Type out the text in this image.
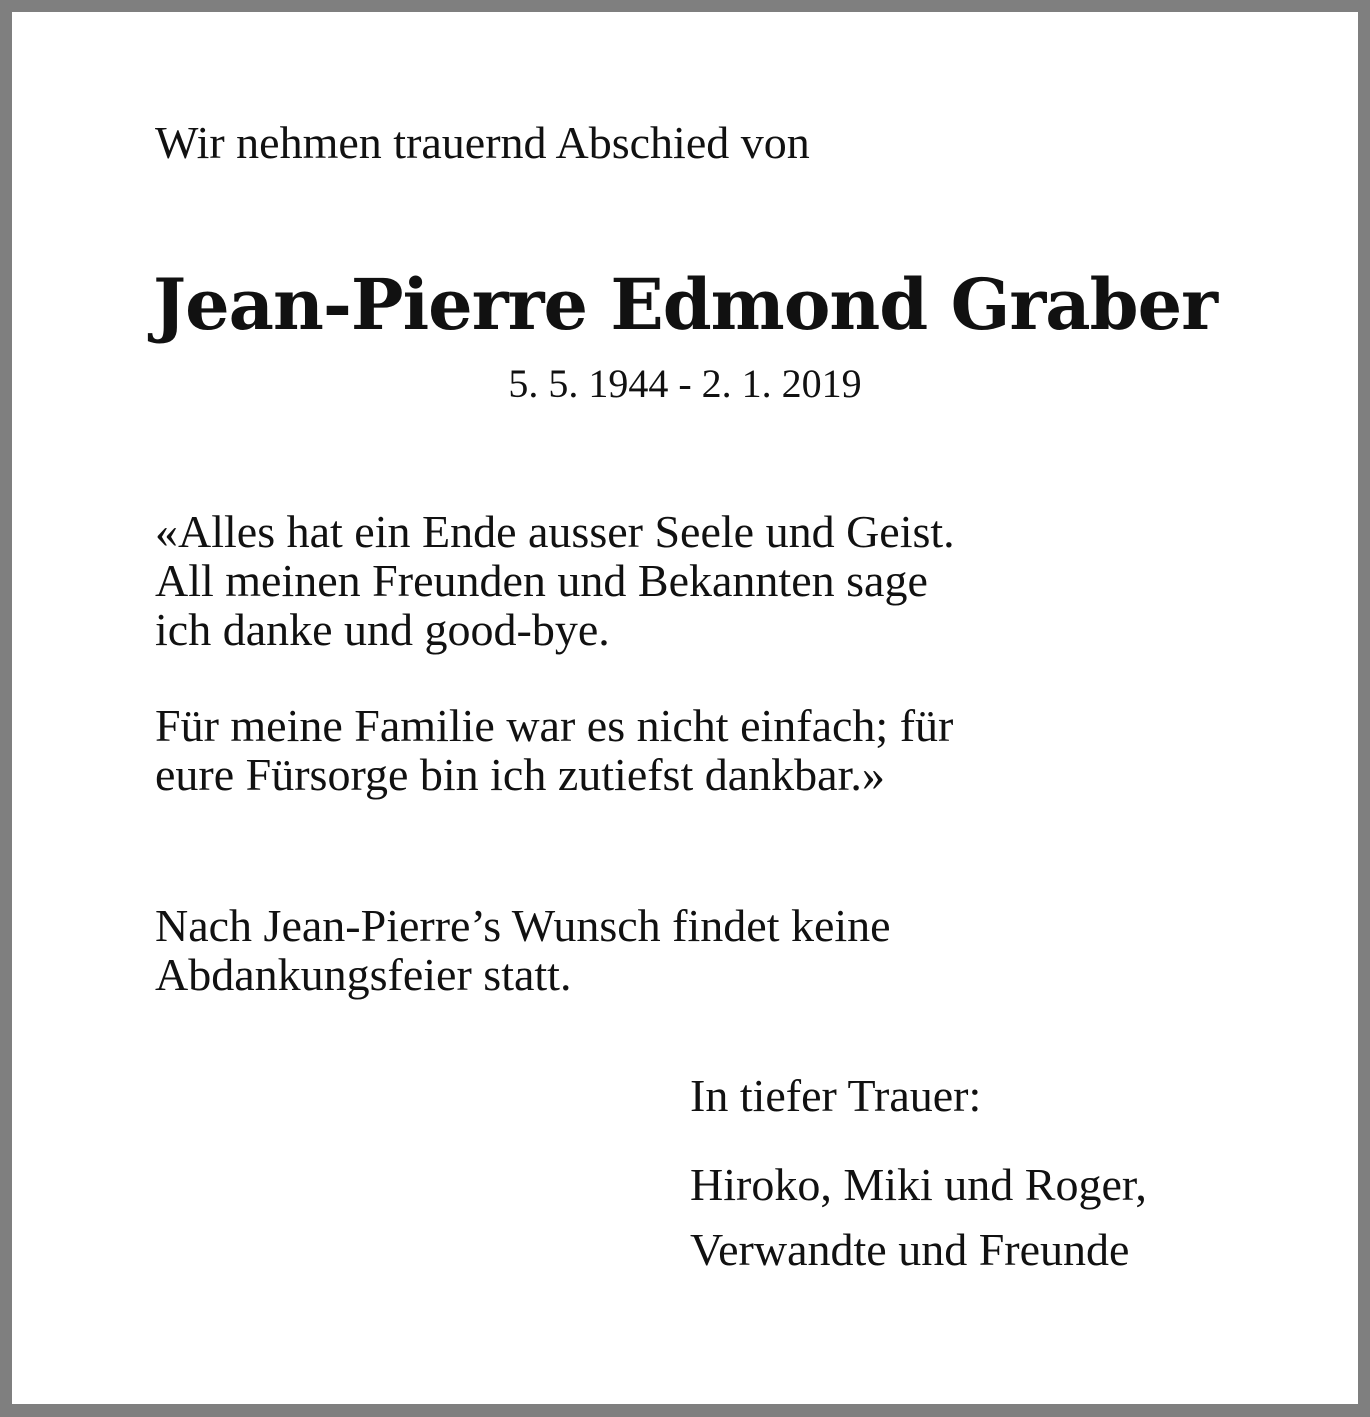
Wir nehmen trauernd Abschied von
Jean-Pierre Edmond Graber
5. 5. 1944 - 2. 1. 2019
«Alles hat ein Ende ausser Seele und Geist.
All meinen Freunden und Bekannten sage
ich danke und good-bye.
Für meine Familie war es nicht einfach; für
eure Fürsorge bin ich zutiefst dankbar.»
Nach Jean-Pierre’s Wunsch findet keine
Abdankungsfeier statt.
In tiefer Trauer:
Hiroko, Miki und Roger,
Verwandte und Freunde
